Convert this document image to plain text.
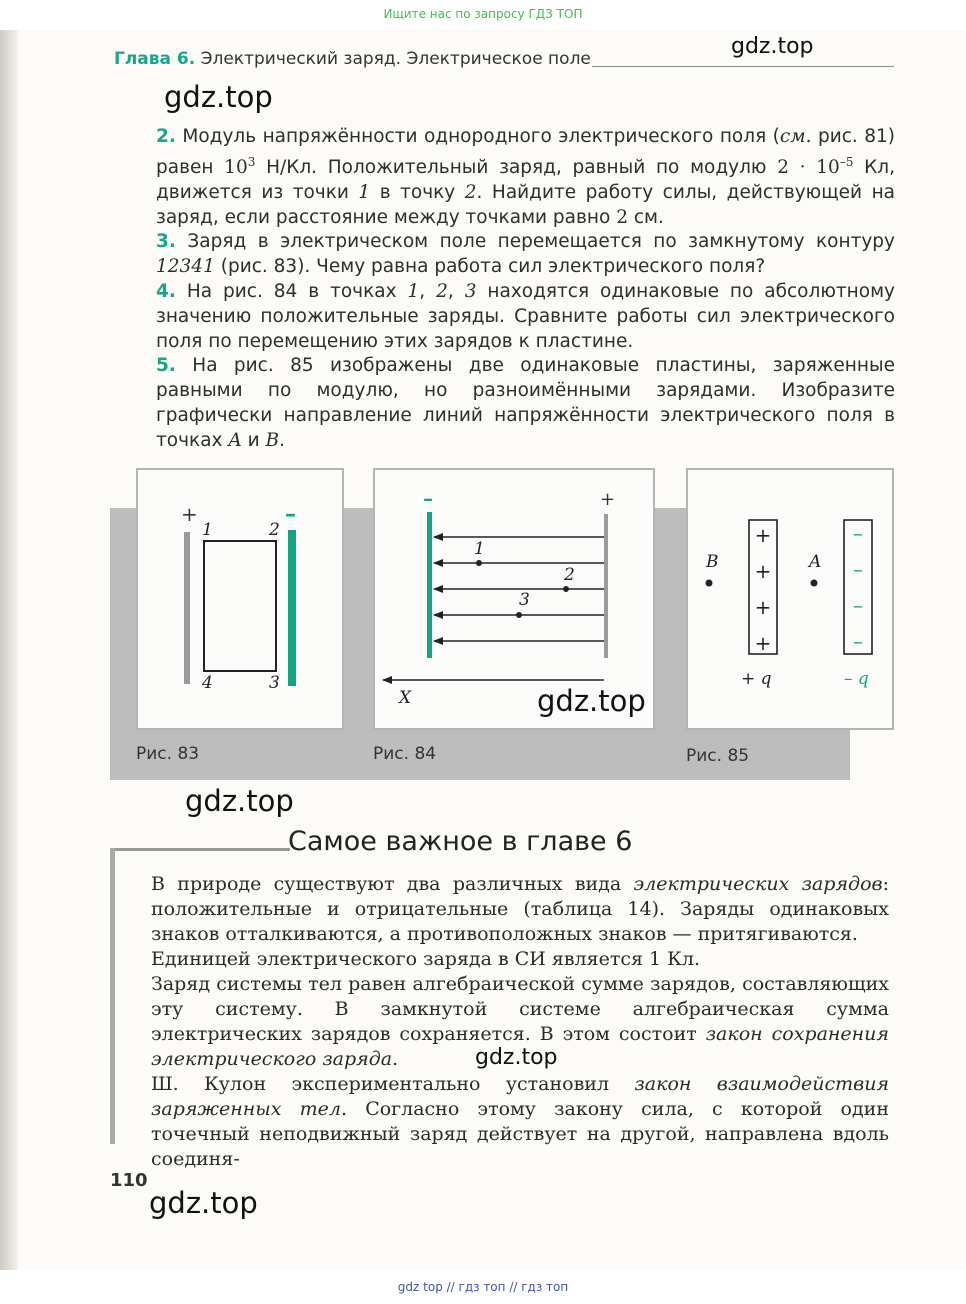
Ищите нас по запросу ГДЗ ТОП
Глава 6. Электрический заряд. Электрическое поле	gdz.top
gdz.top

2. Модуль напряжённости однородного электрического поля (см. рис. 81) равен $10^3$ Н/Кл. Положительный заряд, равный по модулю $2 \cdot 10^{-5}$ Кл, движется из точки 1 в точку 2. Найдите работу силы, действующей на заряд, если расстояние между точками равно 2 см.

3. Заряд в электрическом поле перемещается по замкнутому контуру 12341 (рис. 83). Чему равна работа сил электрического поля?

4. На рис. 84 в точках 1, 2, 3 находятся одинаковые по абсолютному значению положительные заряды. Сравните работы сил электрического поля по перемещению этих зарядов к пластине.

5. На рис. 85 изображены две одинаковые пластины, заряженные равными по модулю, но разноимёнными зарядами. Изобразите графически направление линий напряжённости электрического поля в точках A и B.

+	–
1	2
3
4
Рис. 83
–	+
1
2
3
X
Рис. 84
B	A
+ q	– q
+
+
+
+
–
–
–
–
Рис. 85
gdz.top
gdz.top
Самое важное в главе 6

В природе существуют два различных вида электрических зарядов: положительные и отрицательные (таблица 14). Заряды одинаковых знаков отталкиваются, а противоположных знаков — притягиваются.

Единицей электрического заряда в СИ является 1 Кл.

Заряд системы тел равен алгебраической сумме зарядов, составляющих эту систему. В замкнутой системе алгебраическая сумма электрических зарядов сохраняется. В этом состоит закон сохранения электрического заряда.

Ш. Кулон экспериментально установил закон взаимодействия заряженных тел. Согласно этому закону сила, с которой один точечный неподвижный заряд действует на другой, направлена вдоль соединя-

gdz.top
110
gdz.top
gdz top // гдз топ // гдз топ
